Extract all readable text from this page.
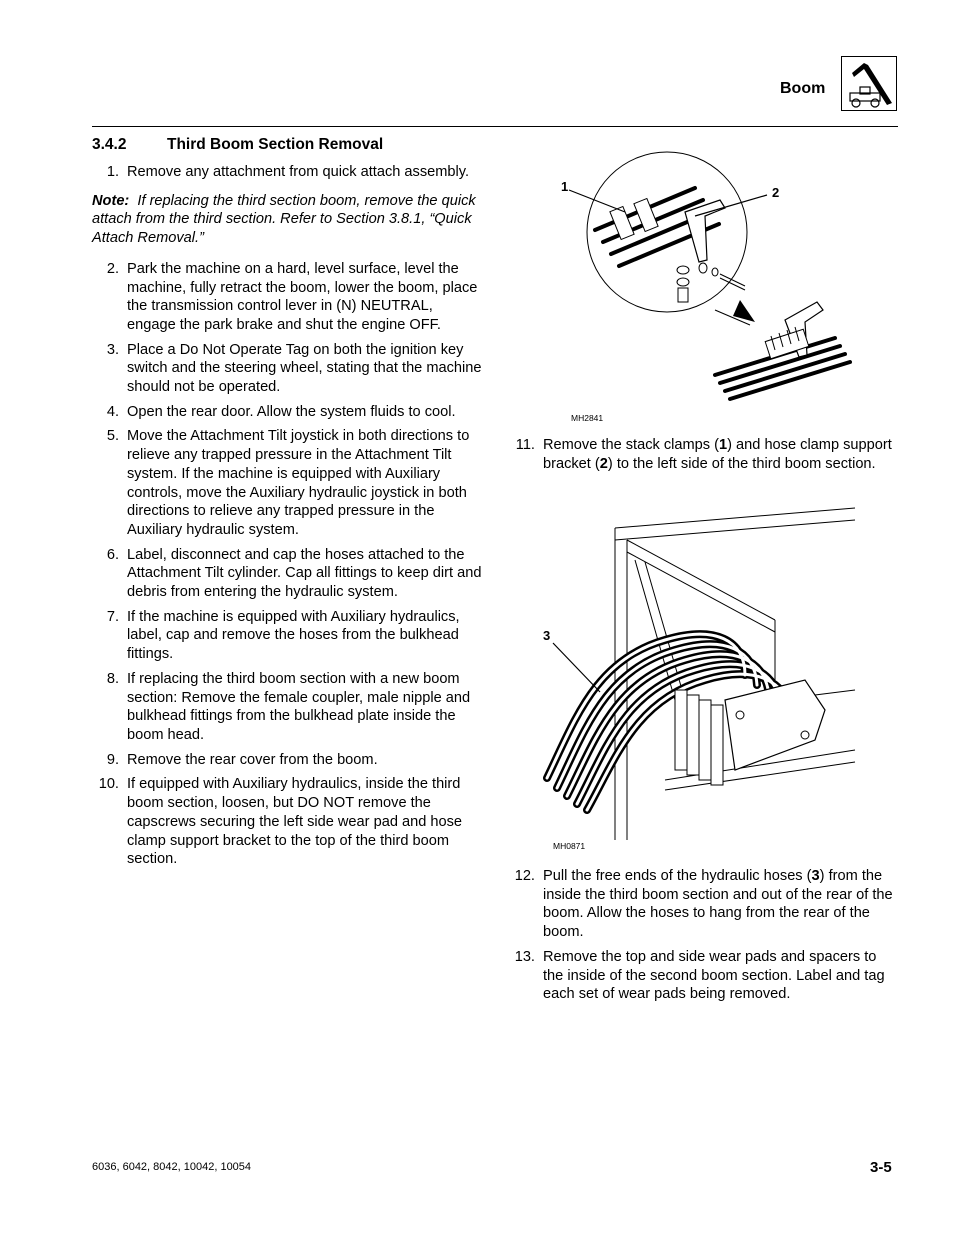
Boom
3.4.2	Third Boom Section Removal
1. Remove any attachment from quick attach assembly.
Note: If replacing the third section boom, remove the quick attach from the third section. Refer to Section 3.8.1, “Quick Attach Removal.”
2. Park the machine on a hard, level surface, level the machine, fully retract the boom, lower the boom, place the transmission control lever in (N) NEUTRAL, engage the park brake and shut the engine OFF.
3. Place a Do Not Operate Tag on both the ignition key switch and the steering wheel, stating that the machine should not be operated.
4. Open the rear door. Allow the system fluids to cool.
5. Move the Attachment Tilt joystick in both directions to relieve any trapped pressure in the Attachment Tilt system. If the machine is equipped with Auxiliary controls, move the Auxiliary hydraulic joystick in both directions to relieve any trapped pressure in the Auxiliary hydraulic system.
6. Label, disconnect and cap the hoses attached to the Attachment Tilt cylinder. Cap all fittings to keep dirt and debris from entering the hydraulic system.
7. If the machine is equipped with Auxiliary hydraulics, label, cap and remove the hoses from the bulkhead fittings.
8. If replacing the third boom section with a new boom section: Remove the female coupler, male nipple and bulkhead fittings from the bulkhead plate inside the boom head.
9. Remove the rear cover from the boom.
10. If equipped with Auxiliary hydraulics, inside the third boom section, loosen, but DO NOT remove the capscrews securing the left side wear pad and hose clamp support bracket to the top of the third boom section.
1	2
MH2841
11. Remove the stack clamps (1) and hose clamp support bracket (2) to the left side of the third boom section.
3
MH0871
12. Pull the free ends of the hydraulic hoses (3) from the inside the third boom section and out of the rear of the boom. Allow the hoses to hang from the rear of the boom.
13. Remove the top and side wear pads and spacers to the inside of the second boom section. Label and tag each set of wear pads being removed.
6036, 6042, 8042, 10042, 10054	3-5
